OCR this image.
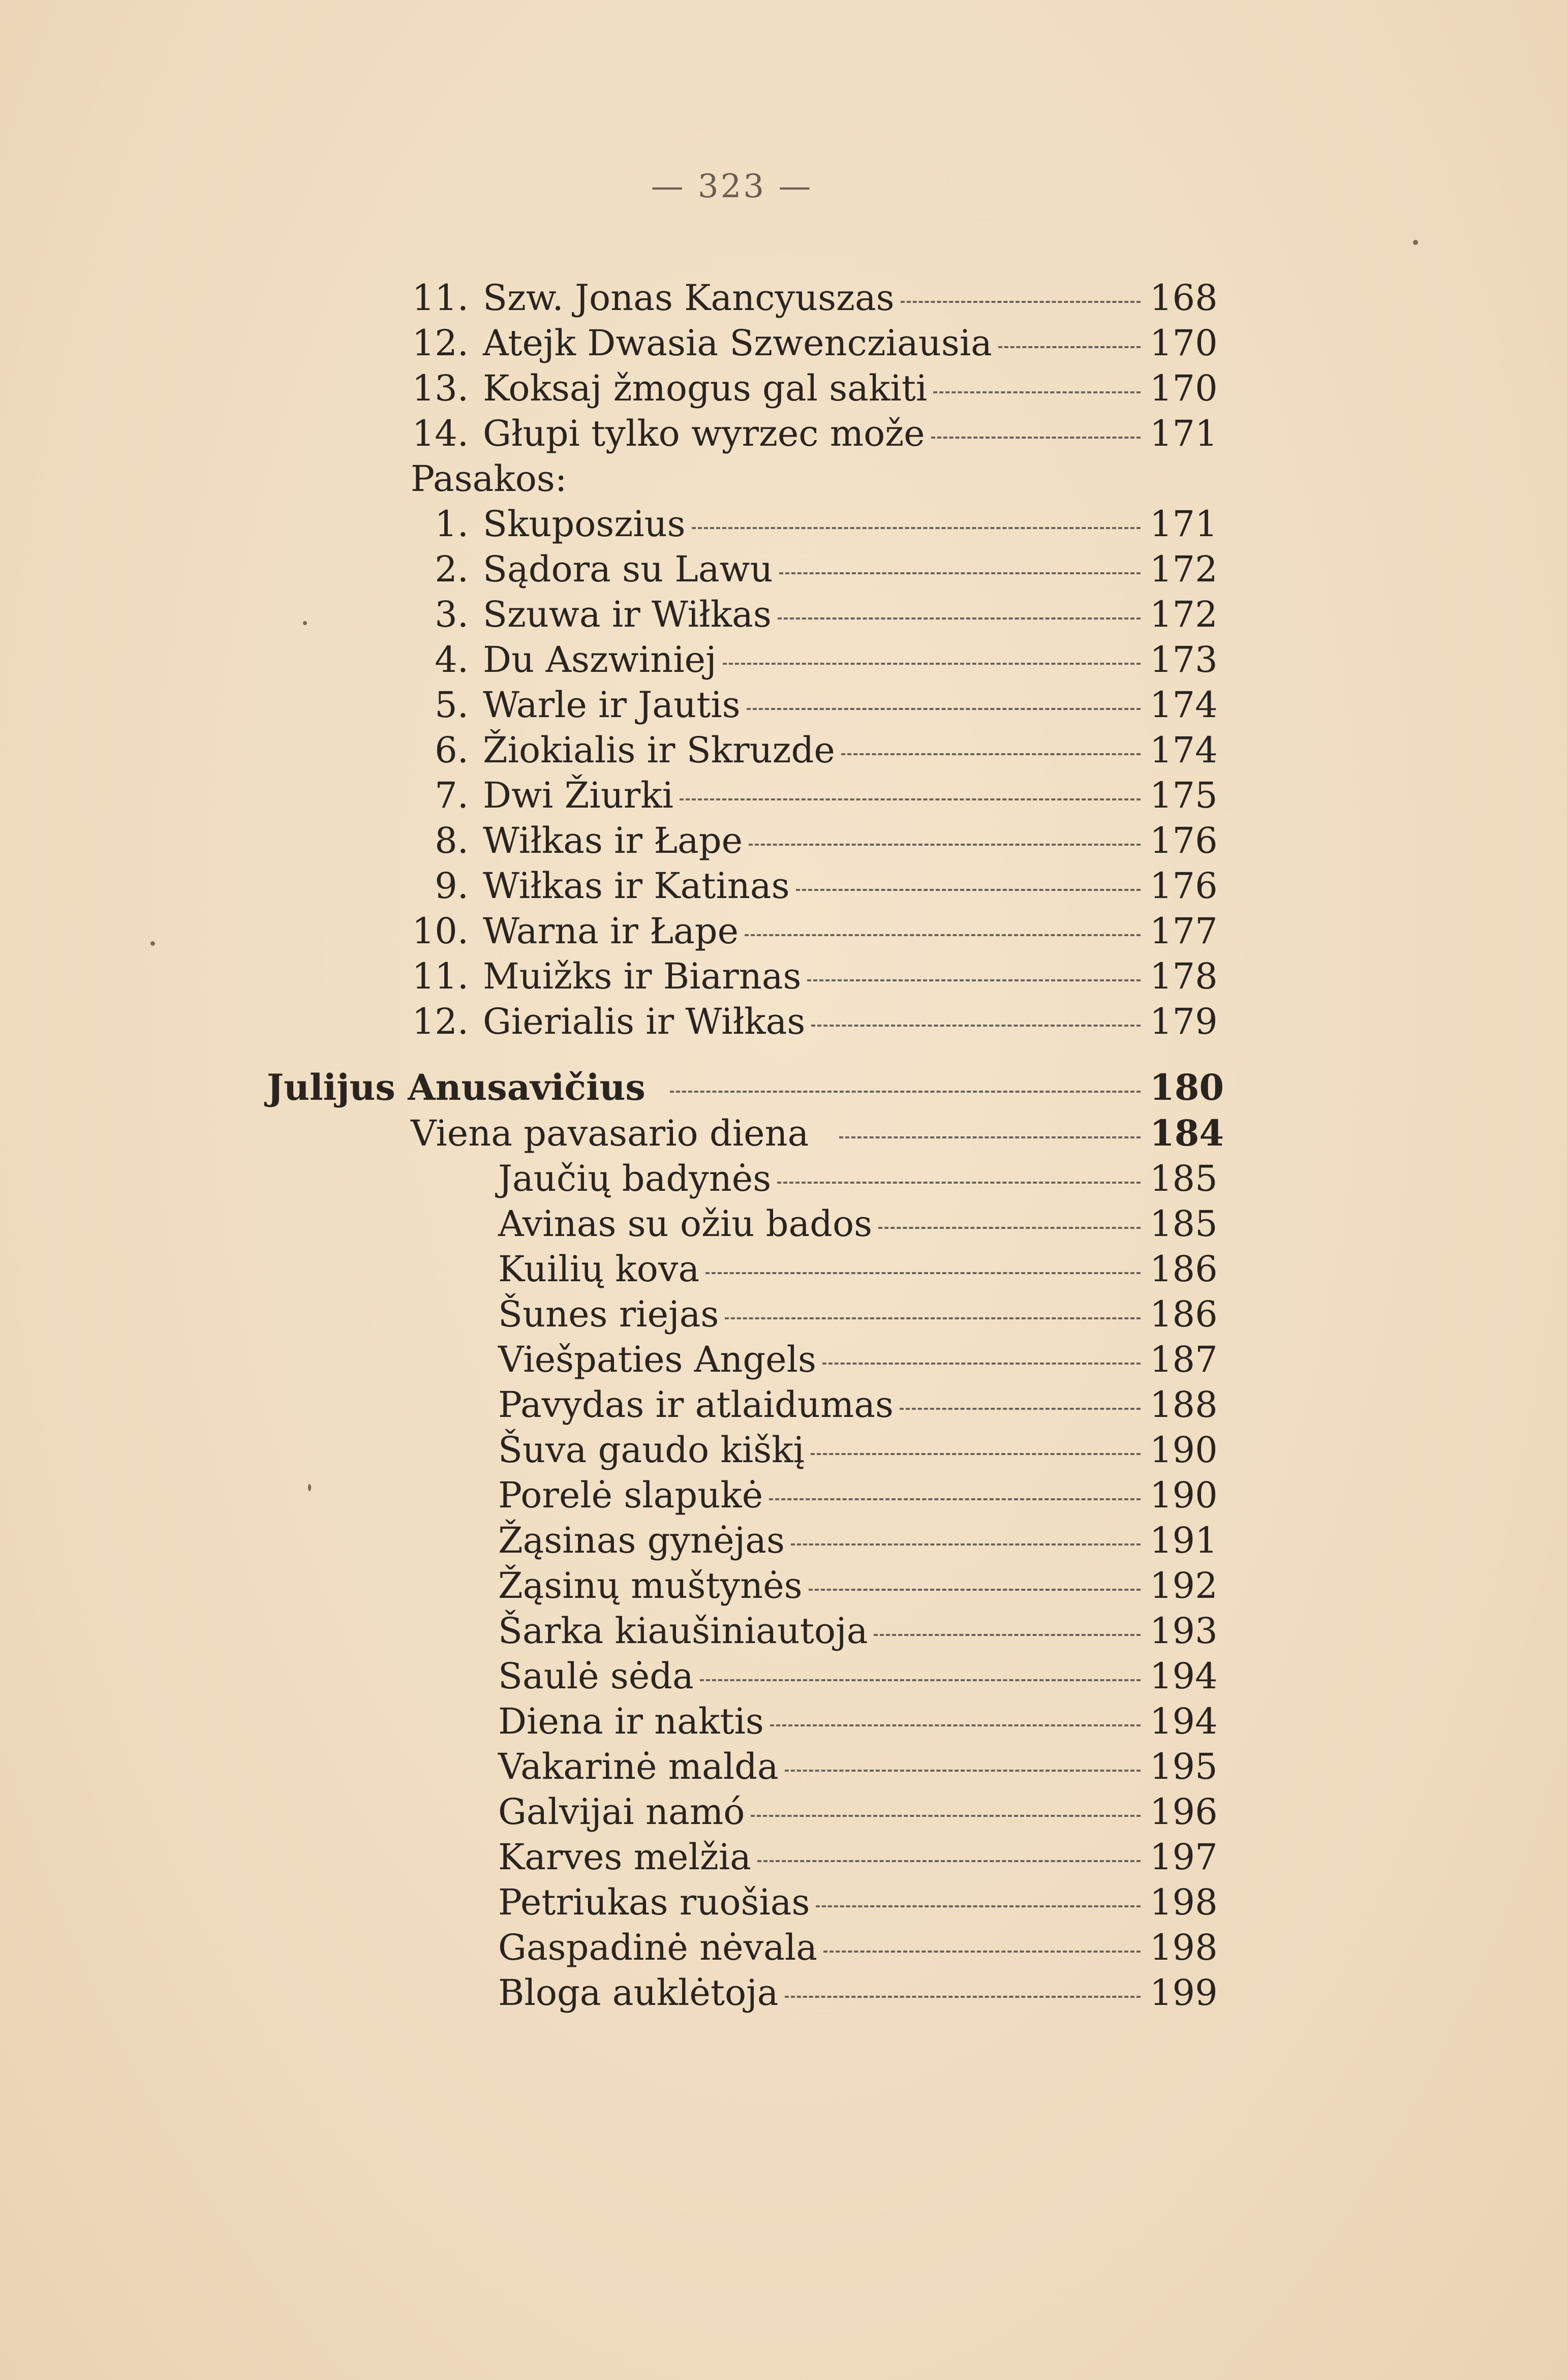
— 323 —
11. Szw. Jonas Kancyuszas	168
12. Atejk Dwasia Szwencziausia	170
13. Koksaj žmogus gal sakiti	170
14. Głupi tylko wyrzec može	171
Pasakos:
1. Skuposzius	171
2. Sądora su Lawu	172
3. Szuwa ir Wiłkas	172
4. Du Aszwiniej	173
5. Warle ir Jautis	174
6. Žiokialis ir Skruzde	174
7. Dwi Žiurki	175
8. Wiłkas ir Łape	176
9. Wiłkas ir Katinas	176
10. Warna ir Łape	177
11. Muižks ir Biarnas	178
12. Gierialis ir Wiłkas	179
Julijus Anusavičius	180
Viena pavasario diena	184
Jaučių badynės	185
Avinas su ožiu bados	185
Kuilių kova	186
Šunes riejas	186
Viešpaties Angels	187
Pavydas ir atlaidumas	188
Šuva gaudo kiškį	190
Porelė slapukė	190
Žąsinas gynėjas	191
Žąsinų muštynės	192
Šarka kiaušiniautoja	193
Saulė sėda	194
Diena ir naktis	194
Vakarinė malda	195
Galvijai namó	196
Karves melžia	197
Petriukas ruošias	198
Gaspadinė nėvala	198
Bloga auklėtoja	199
